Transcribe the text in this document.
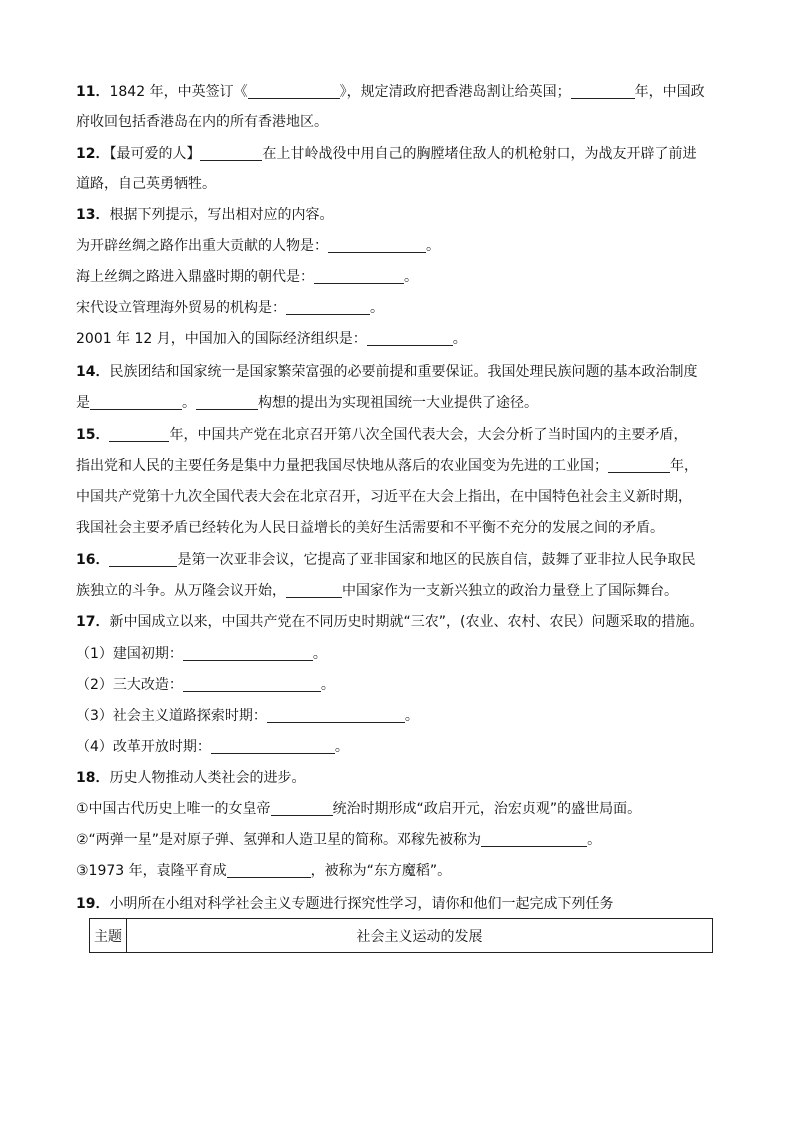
11．1842 年，中英签订《	》，规定清政府把香港岛割让给英国；	年，中国政
府收回包括香港岛在内的所有香港地区。
12．【最可爱的人】	在上甘岭战役中用自己的胸膛堵住敌人的机枪射口，为战友开辟了前进
道路，自己英勇牺牲。
13．根据下列提示，写出相对应的内容。
为开辟丝绸之路作出重大贡献的人物是：	。
海上丝绸之路进入鼎盛时期的朝代是：	。
宋代设立管理海外贸易的机构是：	。
2001 年 12 月，中国加入的国际经济组织是：	。
14．民族团结和国家统一是国家繁荣富强的必要前提和重要保证。我国处理民族问题的基本政治制度
是	。	构想的提出为实现祖国统一大业提供了途径。
15．	年，中国共产党在北京召开第八次全国代表大会，大会分析了当时国内的主要矛盾，
指出党和人民的主要任务是集中力量把我国尽快地从落后的农业国变为先进的工业国；	年，
中国共产党第十九次全国代表大会在北京召开，习近平在大会上指出，在中国特色社会主义新时期，
我国社会主要矛盾已经转化为人民日益增长的美好生活需要和不平衡不充分的发展之间的矛盾。
16．	是第一次亚非会议，它提高了亚非国家和地区的民族自信，鼓舞了亚非拉人民争取民
族独立的斗争。从万隆会议开始，	中国家作为一支新兴独立的政治力量登上了国际舞台。
17．新中国成立以来，中国共产党在不同历史时期就“三农”，(农业、农村、农民）问题采取的措施。
（1）建国初期：	。
（2）三大改造：	。
（3）社会主义道路探索时期：	。
（4）改革开放时期：	。
18．历史人物推动人类社会的进步。
①中国古代历史上唯一的女皇帝	统治时期形成“政启开元，治宏贞观”的盛世局面。
②“两弹一星”是对原子弹、氢弹和人造卫星的简称。邓稼先被称为	。
③1973 年，袁隆平育成	，被称为“东方魔稻”。
19．小明所在小组对科学社会主义专题进行探究性学习，请你和他们一起完成下列任务
主题	社会主义运动的发展
